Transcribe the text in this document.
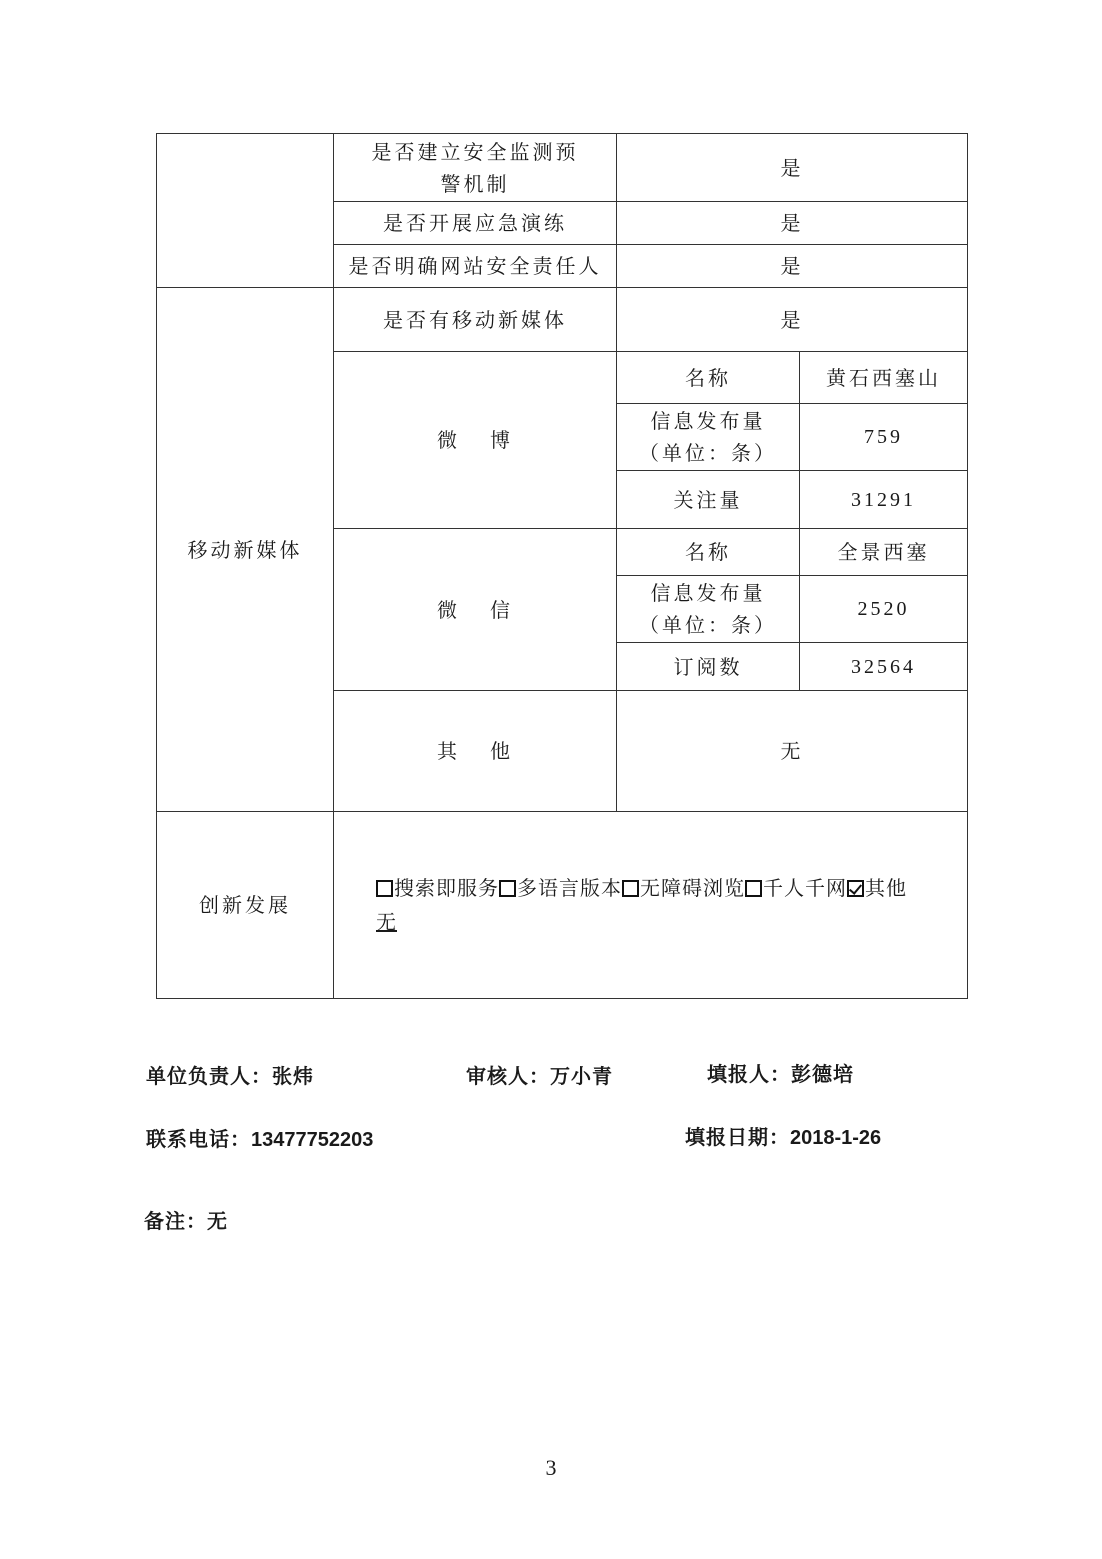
	是否建立安全监测预警机制	是	
	是否开展应急演练	是	
	是否明确网站安全责任人	是	
移动新媒体	是否有移动新媒体	是	
	微 博	名称	黄石西塞山
		信息发布量（单位：条）	759
		关注量	31291
	微 信	名称	全景西塞
		信息发布量（单位：条）	2520
		订阅数	32564
	其 他	无	
创新发展	搜索即服务 多语言版本 无障碍浏览 千人千网 其他
无		
单位负责人：张炜	审核人：万小青	填报人：彭德培
联系电话：13477752203	填报日期：2018-1-26
备注：无
3
